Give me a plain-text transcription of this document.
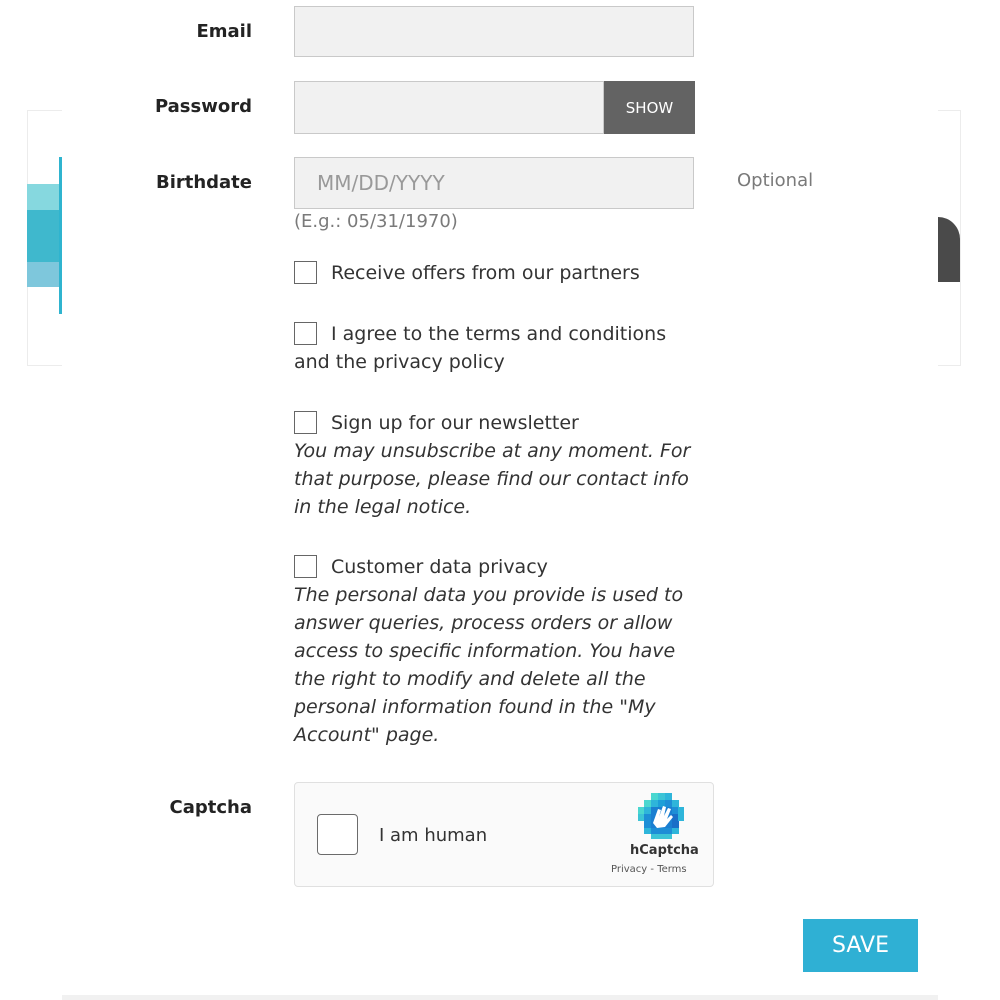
Email
Password	SHOW
Birthdate
MM/DD/YYYY	Optional
(E.g.: 05/31/1970)
Receive offers from our partners
I agree to the terms and conditions
and the privacy policy
Sign up for our newsletter
You may unsubscribe at any moment. For that purpose, please find our contact info in the legal notice.
Customer data privacy
The personal data you provide is used to answer queries, process orders or allow access to specific information. You have the right to modify and delete all the personal information found in the "My Account" page.
Captcha
I am human
hCaptcha
Privacy - Terms
SAVE
